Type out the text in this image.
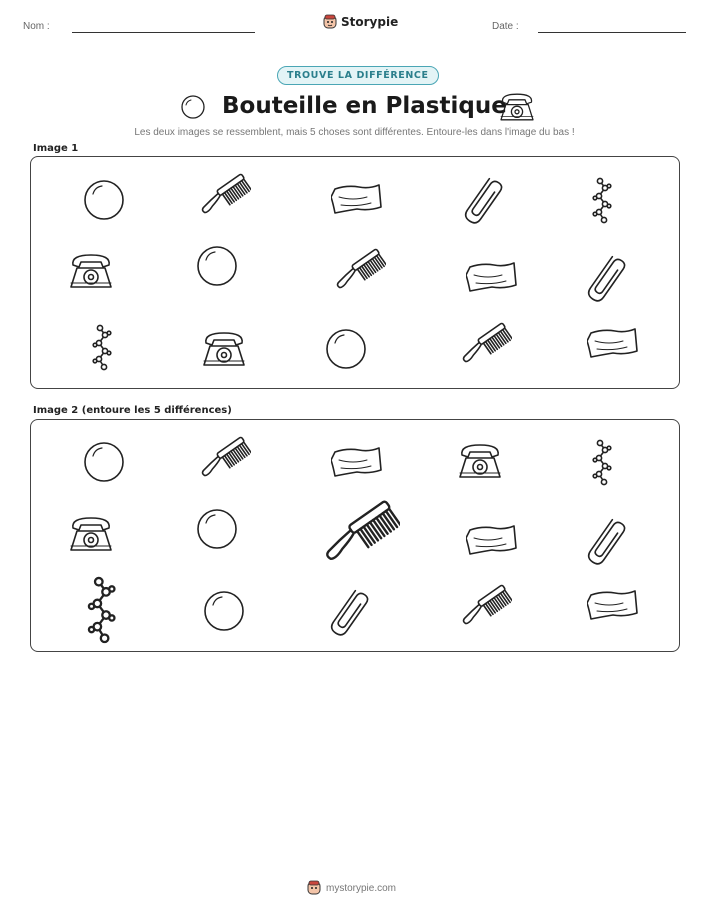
Nom :	Storypie	Date :
TROUVE LA DIFFÉRENCE
Bouteille en Plastique
Les deux images se ressemblent, mais 5 choses sont différentes. Entoure-les dans l'image du bas !
Image 1
Image 2 (entoure les 5 différences)
mystorypie.com
